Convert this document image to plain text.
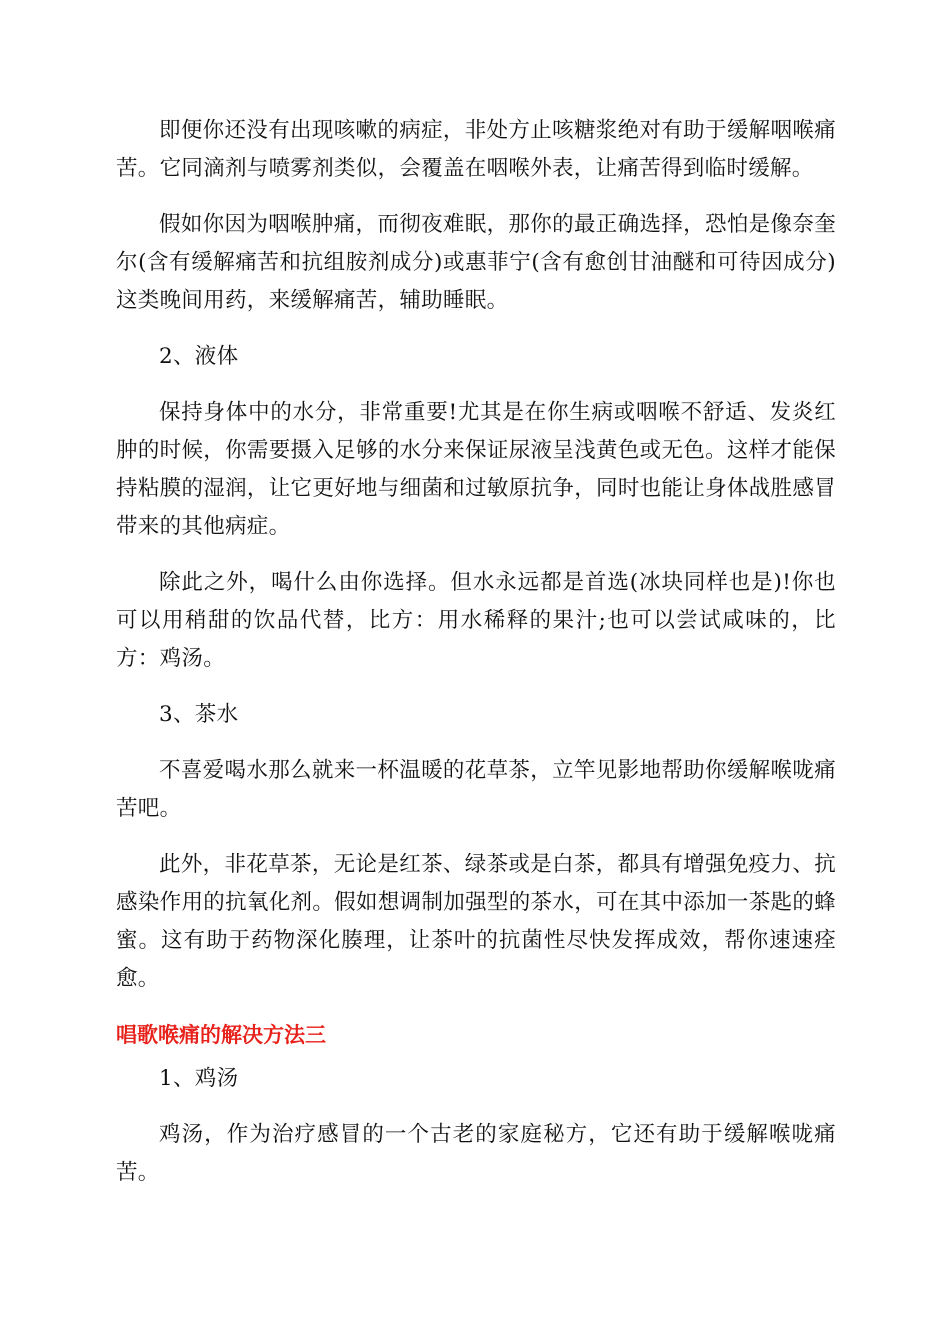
即便你还没有出现咳嗽的病症，非处方止咳糖浆绝对有助于缓解咽喉痛苦。它同滴剂与喷雾剂类似，会覆盖在咽喉外表，让痛苦得到临时缓解。

假如你因为咽喉肿痛，而彻夜难眠，那你的最正确选择，恐怕是像奈奎尔(含有缓解痛苦和抗组胺剂成分)或惠菲宁(含有愈创甘油醚和可待因成分)这类晚间用药，来缓解痛苦，辅助睡眠。

2、液体

保持身体中的水分，非常重要!尤其是在你生病或咽喉不舒适、发炎红肿的时候，你需要摄入足够的水分来保证尿液呈浅黄色或无色。这样才能保持粘膜的湿润，让它更好地与细菌和过敏原抗争，同时也能让身体战胜感冒带来的其他病症。

除此之外，喝什么由你选择。但水永远都是首选(冰块同样也是)!你也可以用稍甜的饮品代替，比方：用水稀释的果汁;也可以尝试咸味的，比方：鸡汤。

3、茶水

不喜爱喝水那么就来一杯温暖的花草茶，立竿见影地帮助你缓解喉咙痛苦吧。

此外，非花草茶，无论是红茶、绿茶或是白茶，都具有增强免疫力、抗感染作用的抗氧化剂。假如想调制加强型的茶水，可在其中添加一茶匙的蜂蜜。这有助于药物深化腠理，让茶叶的抗菌性尽快发挥成效，帮你速速痊愈。

唱歌喉痛的解决方法三

1、鸡汤

鸡汤，作为治疗感冒的一个古老的家庭秘方，它还有助于缓解喉咙痛苦。
